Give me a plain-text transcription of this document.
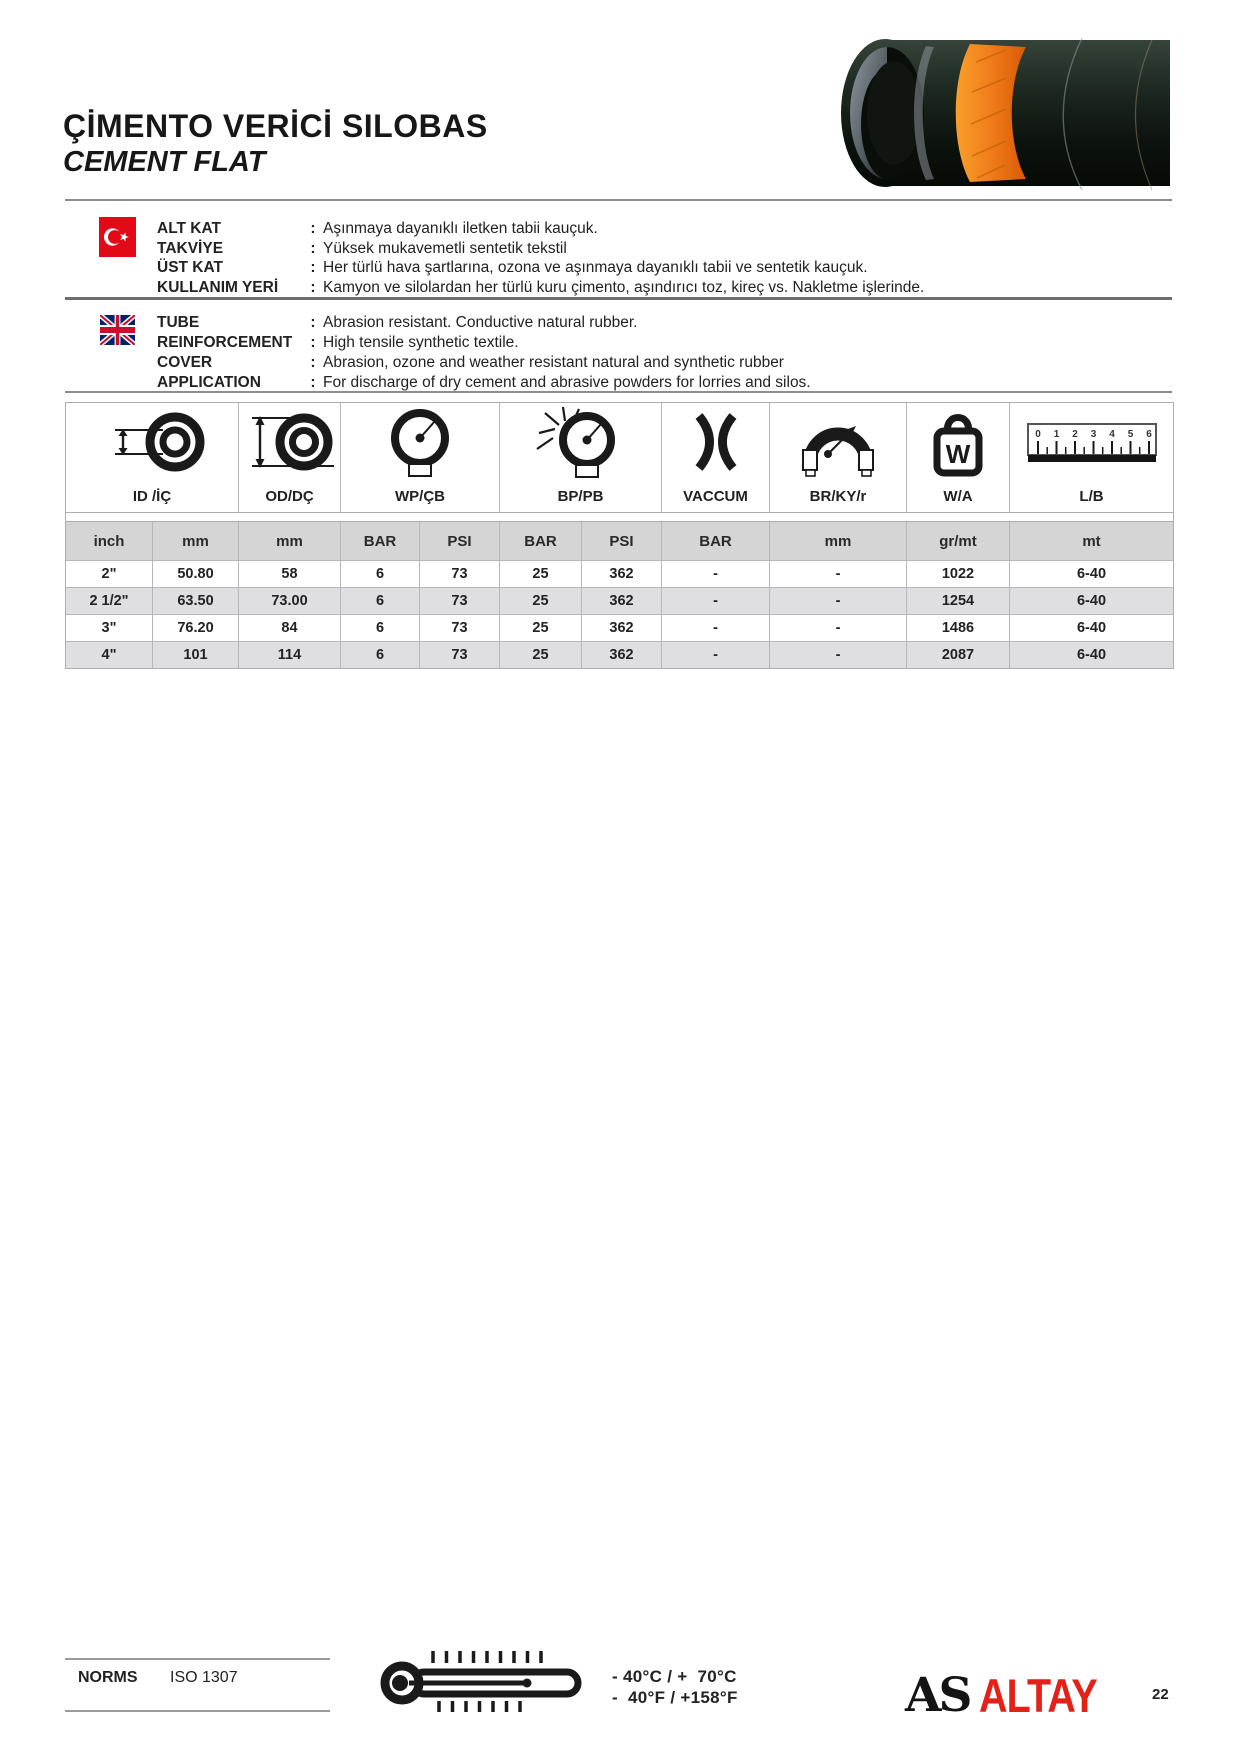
ÇİMENTO VERİCİ SILOBAS
CEMENT FLAT
ALT KAT	: Aşınmaya dayanıklı iletken tabii kauçuk.
TAKVİYE	: Yüksek mukavemetli sentetik tekstil
ÜST KAT	: Her türlü hava şartlarına, ozona ve aşınmaya dayanıklı tabii ve sentetik kauçuk.
KULLANIM YERİ	: Kamyon ve silolardan her türlü kuru çimento, aşındırıcı toz, kireç vs. Nakletme işlerinde.
TUBE	: Abrasion resistant. Conductive natural rubber.
REINFORCEMENT	: High tensile synthetic textile.
COVER	: Abrasion, ozone and weather resistant natural and synthetic rubber
APPLICATION	: For discharge of dry cement and abrasive powders for lorries and silos.
r
W
0 1 2 3 4 5 6
ID /İÇ	OD/DÇ	WP/ÇB	BP/PB	VACCUM	BR/KY/r	W/A	L/B
inch	mm	mm	BAR	PSI	BAR	PSI	BAR	mm	gr/mt	mt
2"	50.80	58	6	73	25	362	-	-	1022	6-40
2 1/2"	63.50	73.00	6	73	25	362	-	-	1254	6-40
3"	76.20	84	6	73	25	362	-	-	1486	6-40
4"	101	114	6	73	25	362	-	-	2087	6-40
NORMS ISO 1307	- 40°C / +  70°C
-  40°F / +158°F	AS ALTAY	22
